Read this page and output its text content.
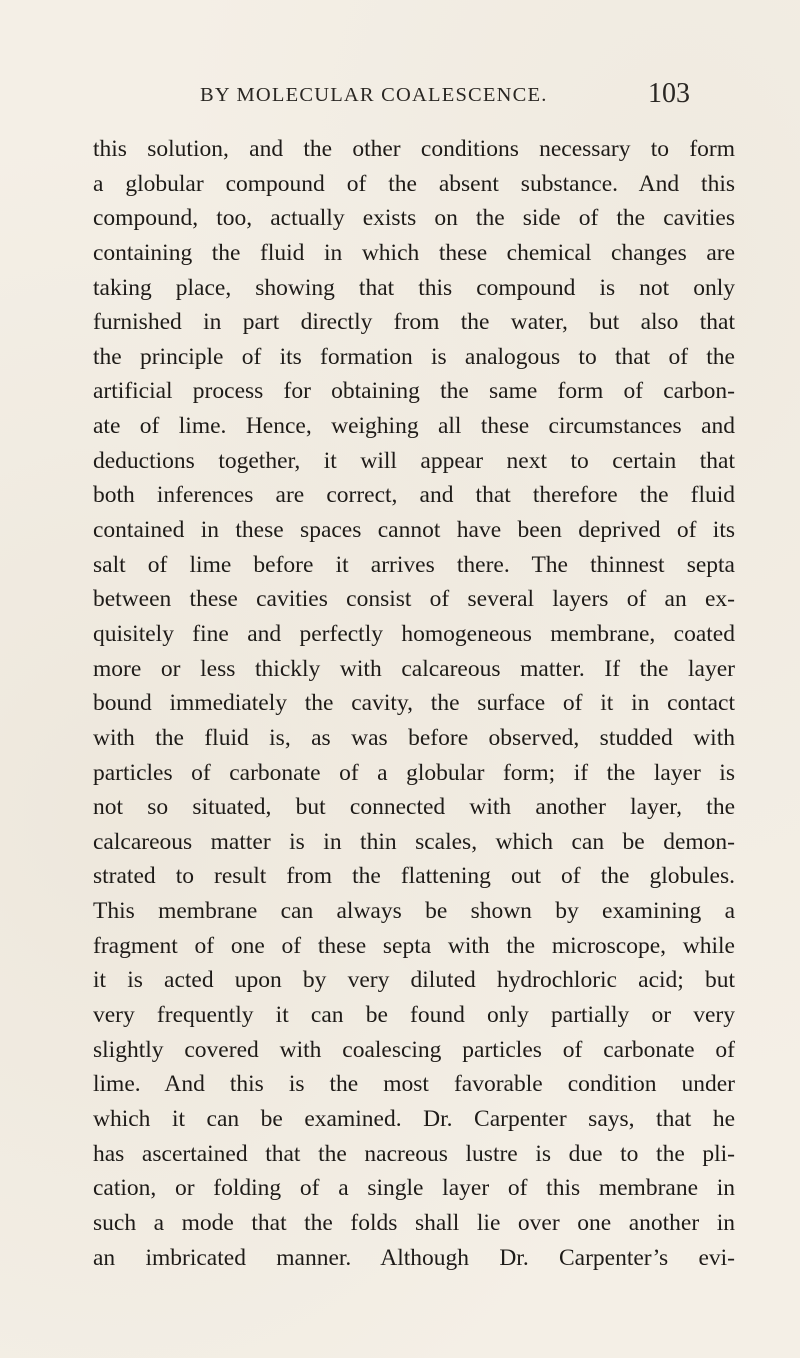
BY MOLECULAR COALESCENCE.	103
this solution, and the other conditions necessary to form
a globular compound of the absent substance. And this
compound, too, actually exists on the side of the cavities
containing the fluid in which these chemical changes are
taking place, showing that this compound is not only
furnished in part directly from the water, but also that
the principle of its formation is analogous to that of the
artificial process for obtaining the same form of carbon-
ate of lime. Hence, weighing all these circumstances and
deductions together, it will appear next to certain that
both inferences are correct, and that therefore the fluid
contained in these spaces cannot have been deprived of its
salt of lime before it arrives there. The thinnest septa
between these cavities consist of several layers of an ex-
quisitely fine and perfectly homogeneous membrane, coated
more or less thickly with calcareous matter. If the layer
bound immediately the cavity, the surface of it in contact
with the fluid is, as was before observed, studded with
particles of carbonate of a globular form; if the layer is
not so situated, but connected with another layer, the
calcareous matter is in thin scales, which can be demon-
strated to result from the flattening out of the globules.
This membrane can always be shown by examining a
fragment of one of these septa with the microscope, while
it is acted upon by very diluted hydrochloric acid; but
very frequently it can be found only partially or very
slightly covered with coalescing particles of carbonate of
lime. And this is the most favorable condition under
which it can be examined. Dr. Carpenter says, that he
has ascertained that the nacreous lustre is due to the pli-
cation, or folding of a single layer of this membrane in
such a mode that the folds shall lie over one another in
an imbricated manner. Although Dr. Carpenter’s evi-
